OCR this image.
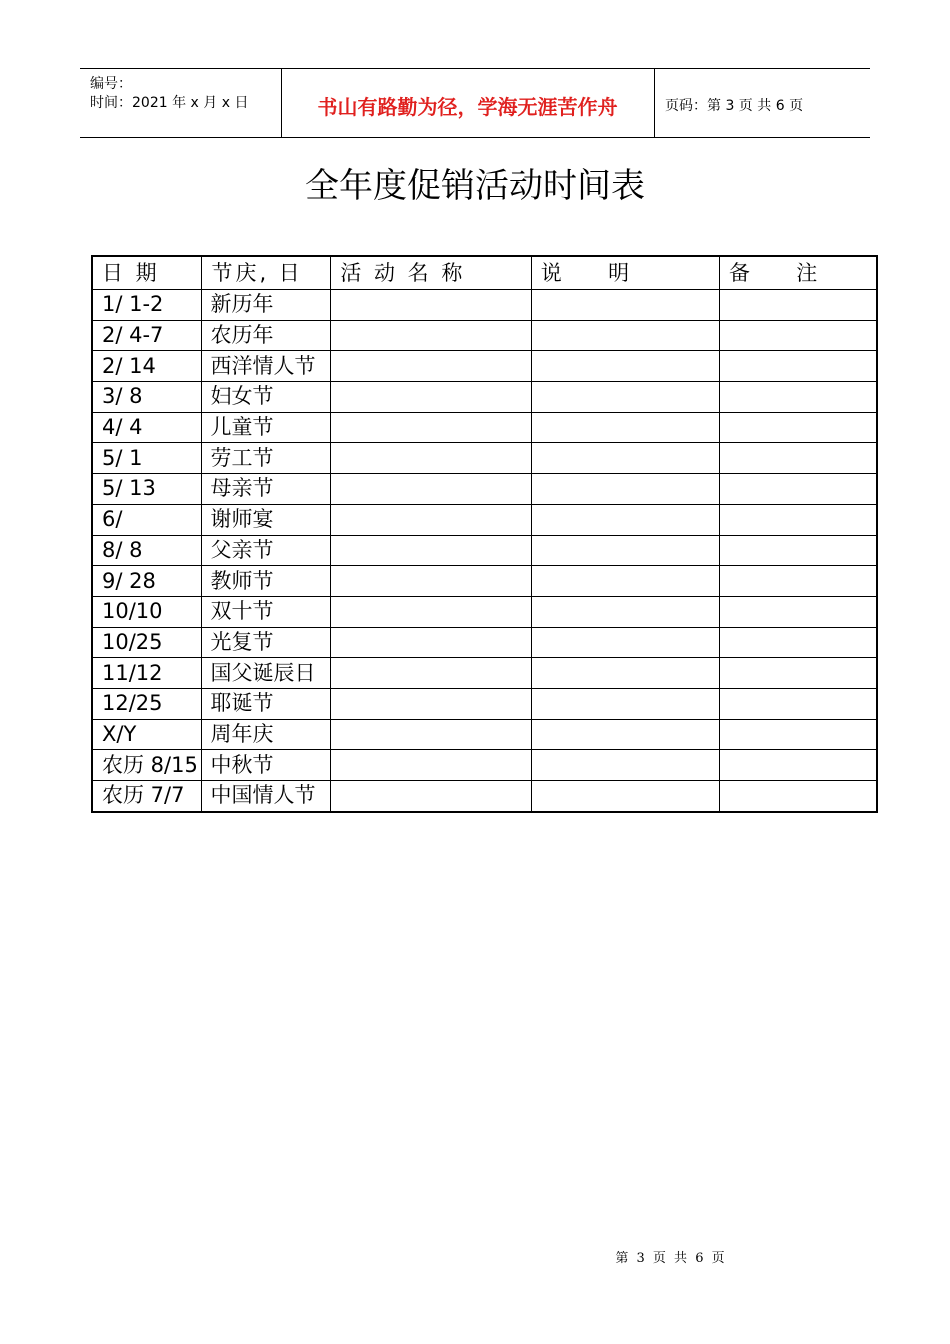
编号：
时间：2021 年 x 月 x 日	书山有路勤为径，学海无涯苦作舟	页码：第 3 页 共 6 页
全年度促销活动时间表
日 期	节庆, 日	活 动 名 称	说 　 明	备 　 注
1/ 1-2	新历年			
2/ 4-7	农历年			
2/ 14	西洋情人节			
3/ 8	妇女节			
4/ 4	儿童节			
5/ 1	劳工节			
5/ 13	母亲节			
6/	谢师宴			
8/ 8	父亲节			
9/ 28	教师节			
10/10	双十节			
10/25	光复节			
11/12	国父诞辰日			
12/25	耶诞节			
X/Y	周年庆			
农历 8/15	中秋节			
农历 7/7	中国情人节			
第 3 页 共 6 页
